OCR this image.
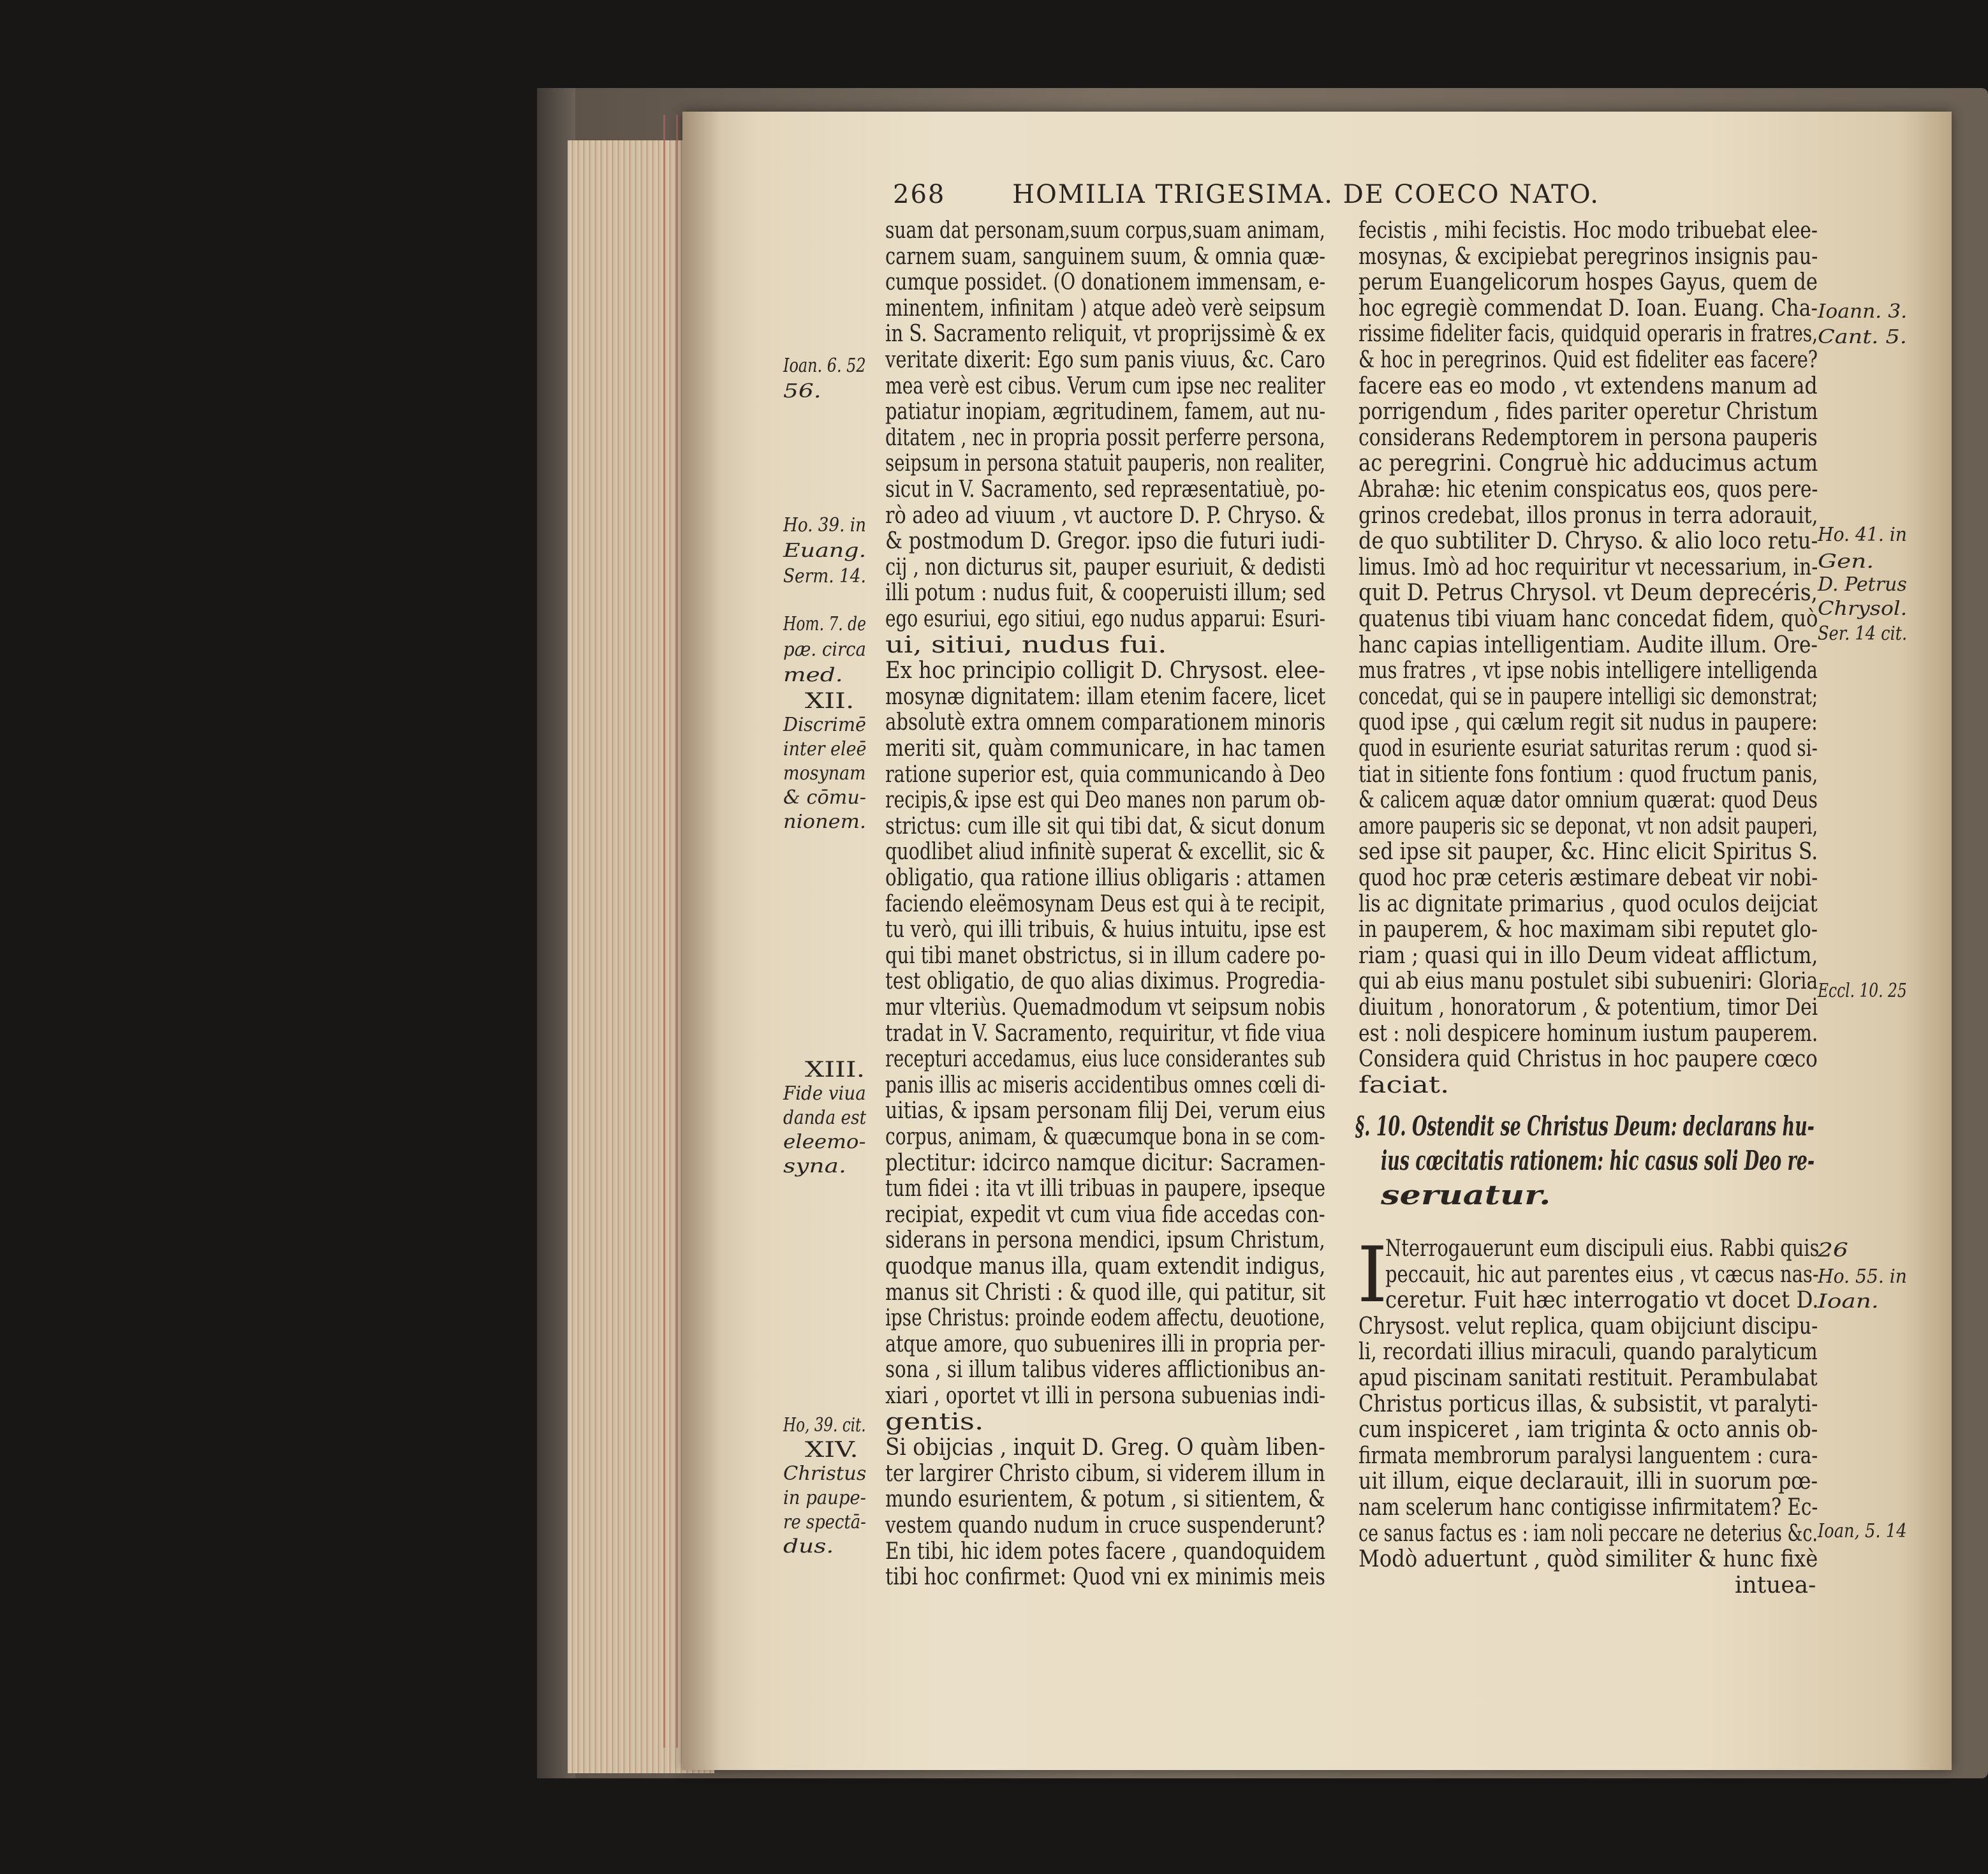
268	HOMILIA TRIGESIMA. DE COECO NATO.
suam dat personam,suum corpus,suam animam,
carnem suam, sanguinem suum, & omnia quæ-
cumque possidet. (O donationem immensam, e-
minentem, infinitam ) atque adeò verè seipsum
in S. Sacramento reliquit, vt proprijssimè & ex
veritate dixerit: Ego sum panis viuus, &c. Caro
mea verè est cibus. Verum cum ipse nec realiter
patiatur inopiam, ægritudinem, famem, aut nu-
ditatem , nec in propria possit perferre persona,
seipsum in persona statuit pauperis, non realiter,
sicut in V. Sacramento, sed repræsentatiuè, po-
rò adeo ad viuum , vt auctore D. P. Chryso. &
& postmodum D. Gregor. ipso die futuri iudi-
cij , non dicturus sit, pauper esuriuit, & dedisti
illi potum : nudus fuit, & cooperuisti illum; sed
ego esuriui, ego sitiui, ego nudus apparui: Esuri-
ui, sitiui, nudus fui.
Ex hoc principio colligit D. Chrysost. elee-
mosynæ dignitatem: illam etenim facere, licet
absolutè extra omnem comparationem minoris
meriti sit, quàm communicare, in hac tamen
ratione superior est, quia communicando à Deo
recipis,& ipse est qui Deo manes non parum ob-
strictus: cum ille sit qui tibi dat, & sicut donum
quodlibet aliud infinitè superat & excellit, sic &
obligatio, qua ratione illius obligaris : attamen
faciendo eleëmosynam Deus est qui à te recipit,
tu verò, qui illi tribuis, & huius intuitu, ipse est
qui tibi manet obstrictus, si in illum cadere po-
test obligatio, de quo alias diximus. Progredia-
mur vlteriùs. Quemadmodum vt seipsum nobis
tradat in V. Sacramento, requiritur, vt fide viua
recepturi accedamus, eius luce considerantes sub
panis illis ac miseris accidentibus omnes cœli di-
uitias, & ipsam personam filij Dei, verum eius
corpus, animam, & quæcumque bona in se com-
plectitur: idcirco namque dicitur: Sacramen-
tum fidei : ita vt illi tribuas in paupere, ipseque
recipiat, expedit vt cum viua fide accedas con-
siderans in persona mendici, ipsum Christum,
quodque manus illa, quam extendit indigus,
manus sit Christi : & quod ille, qui patitur, sit
ipse Christus: proinde eodem affectu, deuotione,
atque amore, quo subuenires illi in propria per-
sona , si illum talibus videres afflictionibus an-
xiari , oportet vt illi in persona subuenias indi-
gentis.
Si obijcias , inquit D. Greg. O quàm liben-
ter largirer Christo cibum, si viderem illum in
mundo esurientem, & potum , si sitientem, &
vestem quando nudum in cruce suspenderunt?
En tibi, hic idem potes facere , quandoquidem
tibi hoc confirmet: Quod vni ex minimis meis
Ioan. 6. 52
56.
Ho. 39. in
Euang.
Serm. 14.
Hom. 7. de
pæ. circa
med.
XII.
Discrimē
inter eleē
mosynam
& cōmu-
nionem.
XIII.
Fide viua
danda est
eleemo-
syna.
Ho, 39. cit.
XIV.
Christus
in paupe-
re spectā-
dus.
fecistis , mihi fecistis. Hoc modo tribuebat elee-
mosynas, & excipiebat peregrinos insignis pau-
perum Euangelicorum hospes Gayus, quem de
hoc egregiè commendat D. Ioan. Euang. Cha-
rissime fideliter facis, quidquid operaris in fratres,
& hoc in peregrinos. Quid est fideliter eas facere?
facere eas eo modo , vt extendens manum ad
porrigendum , fides pariter operetur Christum
considerans Redemptorem in persona pauperis
ac peregrini. Congruè hic adducimus actum
Abrahæ: hic etenim conspicatus eos, quos pere-
grinos credebat, illos pronus in terra adorauit,
de quo subtiliter D. Chryso. & alio loco retu-
limus. Imò ad hoc requiritur vt necessarium, in-
quit D. Petrus Chrysol. vt Deum deprecéris,
quatenus tibi viuam hanc concedat fidem, quò
hanc capias intelligentiam. Audite illum. Ore-
mus fratres , vt ipse nobis intelligere intelligenda
concedat, qui se in paupere intelligi sic demonstrat;
quod ipse , qui cælum regit sit nudus in paupere:
quod in esuriente esuriat saturitas rerum : quod si-
tiat in sitiente fons fontium : quod fructum panis,
& calicem aquæ dator omnium quærat: quod Deus
amore pauperis sic se deponat, vt non adsit pauperi,
sed ipse sit pauper, &c. Hinc elicit Spiritus S.
quod hoc præ ceteris æstimare debeat vir nobi-
lis ac dignitate primarius , quod oculos deijciat
in pauperem, & hoc maximam sibi reputet glo-
riam ; quasi qui in illo Deum videat afflictum,
qui ab eius manu postulet sibi subueniri: Gloria
diuitum , honoratorum , & potentium, timor Dei
est : noli despicere hominum iustum pauperem.
Considera quid Christus in hoc paupere cœco
faciat.
§. 10. Ostendit se Christus Deum: declarans hu-
ius cœcitatis rationem: hic casus soli Deo re-
seruatur.
I
Nterrogauerunt eum discipuli eius. Rabbi quis
peccauit, hic aut parentes eius , vt cæcus nas-
ceretur. Fuit hæc interrogatio vt docet D.
Chrysost. velut replica, quam obijciunt discipu-
li, recordati illius miraculi, quando paralyticum
apud piscinam sanitati restituit. Perambulabat
Christus porticus illas, & subsistit, vt paralyti-
cum inspiceret , iam triginta & octo annis ob-
firmata membrorum paralysi languentem : cura-
uit illum, eique declarauit, illi in suorum pœ-
nam scelerum hanc contigisse infirmitatem? Ec-
ce sanus factus es : iam noli peccare ne deterius &c.
Modò aduertunt , quòd similiter & hunc fixè
intuea-
Ioann. 3.
Cant. 5.
Ho. 41. in
Gen.
D. Petrus
Chrysol.
Ser. 14 cit.
Eccl. 10. 25
26
Ho. 55. in
Ioan.
Ioan, 5. 14
